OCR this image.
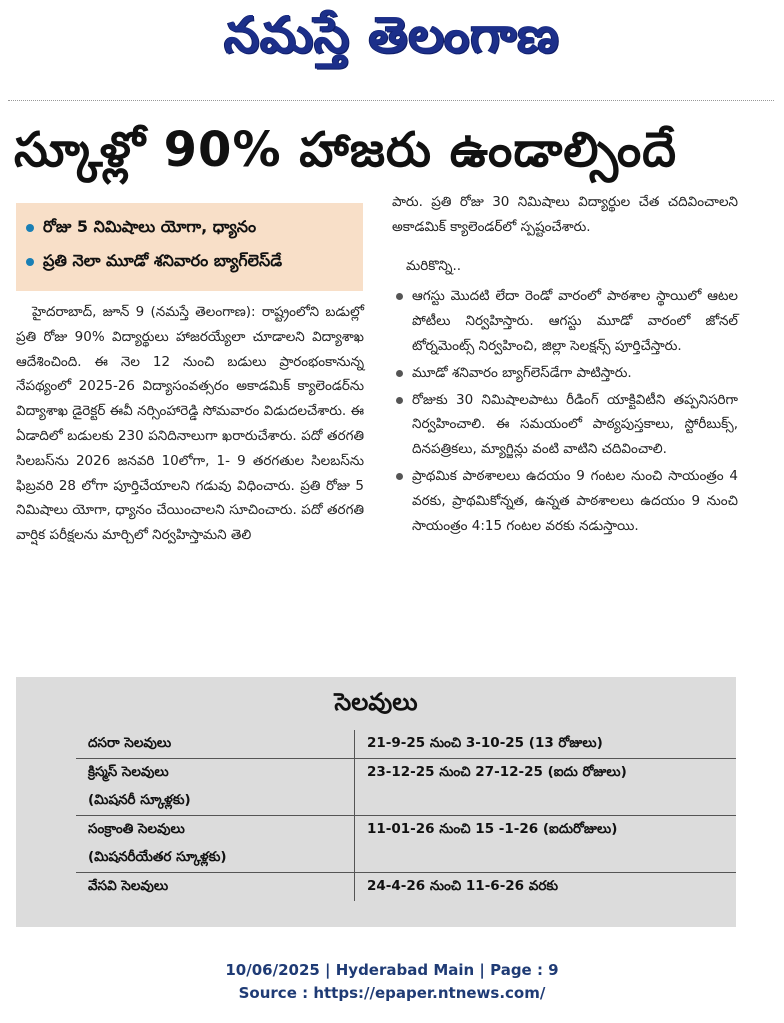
నమస్తే తెలంగాణ
స్కూళ్లో 90% హాజరు ఉండాల్సిందే
రోజు 5 నిమిషాలు యోగా, ధ్యానం
ప్రతి నెలా మూడో శనివారం బ్యాగ్‌లెస్‌డే

హైదరాబాద్, జూన్ 9 (నమస్తే తెలంగాణ): రాష్ట్రంలోని బడుల్లో ప్రతి రోజు 90% విద్యార్థులు హాజరయ్యేలా చూడాలని విద్యాశాఖ ఆదేశించింది. ఈ నెల 12 నుంచి బడులు ప్రారంభంకానున్న నేపథ్యంలో 2025-26 విద్యాసంవత్సరం అకాడమిక్ క్యాలెండర్‌ను విద్యాశాఖ డైరెక్టర్ ఈవీ నర్సింహారెడ్డి సోమవారం విడుదలచేశారు. ఈ ఏడాదిలో బడులకు 230 పనిదినాలుగా ఖరారుచేశారు. పదో తరగతి సిలబస్‌ను 2026 జనవరి 10లోగా, 1- 9 తరగతుల సిలబస్‌ను ఫిబ్రవరి 28 లోగా పూర్తిచేయాలని గడువు విధించారు. ప్రతి రోజు 5 నిమిషాలు యోగా, ధ్యానం చేయించాలని సూచించారు. పదో తరగతి వార్షిక పరీక్షలను మార్చిలో నిర్వహిస్తామని తెలి

పారు. ప్రతి రోజు 30 నిమిషాలు విద్యార్థుల చేత చదివించాలని అకాడమిక్ క్యాలెండర్‌లో స్పష్టంచేశారు.

మరికొన్ని..

ఆగస్టు మొదటి లేదా రెండో వారంలో పాఠశాల స్థాయిలో ఆటల పోటీలు నిర్వహిస్తారు. ఆగస్టు మూడో వారంలో జోనల్ టోర్నమెంట్స్ నిర్వహించి, జిల్లా సెలక్షన్స్ పూర్తిచేస్తారు.
మూడో శనివారం బ్యాగ్‌లెస్‌డేగా పాటిస్తారు.
రోజుకు 30 నిమిషాలపాటు రీడింగ్ యాక్టివిటీని తప్పనిసరిగా నిర్వహించాలి. ఈ సమయంలో పాఠ్యపుస్తకాలు, స్టోరీబుక్స్, దినపత్రికలు, మ్యాగ్జిన్లు వంటి వాటిని చదివించాలి.
ప్రాథమిక పాఠశాలలు ఉదయం 9 గంటల నుంచి సాయంత్రం 4 వరకు, ప్రాథమికోన్నత, ఉన్నత పాఠశాలలు ఉదయం 9 నుంచి సాయంత్రం 4:15 గంటల వరకు నడుస్తాయి.
సెలవులు
దసరా సెలవులు	21-9-25 నుంచి 3-10-25 (13 రోజులు)
క్రిస్మస్ సెలవులు	23-12-25 నుంచి 27-12-25 (ఐదు రోజులు)
(మిషనరీ స్కూళ్లకు)	
సంక్రాంతి సెలవులు	11-01-26 నుంచి 15 -1-26 (ఐదురోజులు)
(మిషనరీయేతర స్కూళ్లకు)	
వేసవి సెలవులు	24-4-26 నుంచి 11-6-26 వరకు
10/06/2025 | Hyderabad Main | Page : 9
Source : https://epaper.ntnews.com/
